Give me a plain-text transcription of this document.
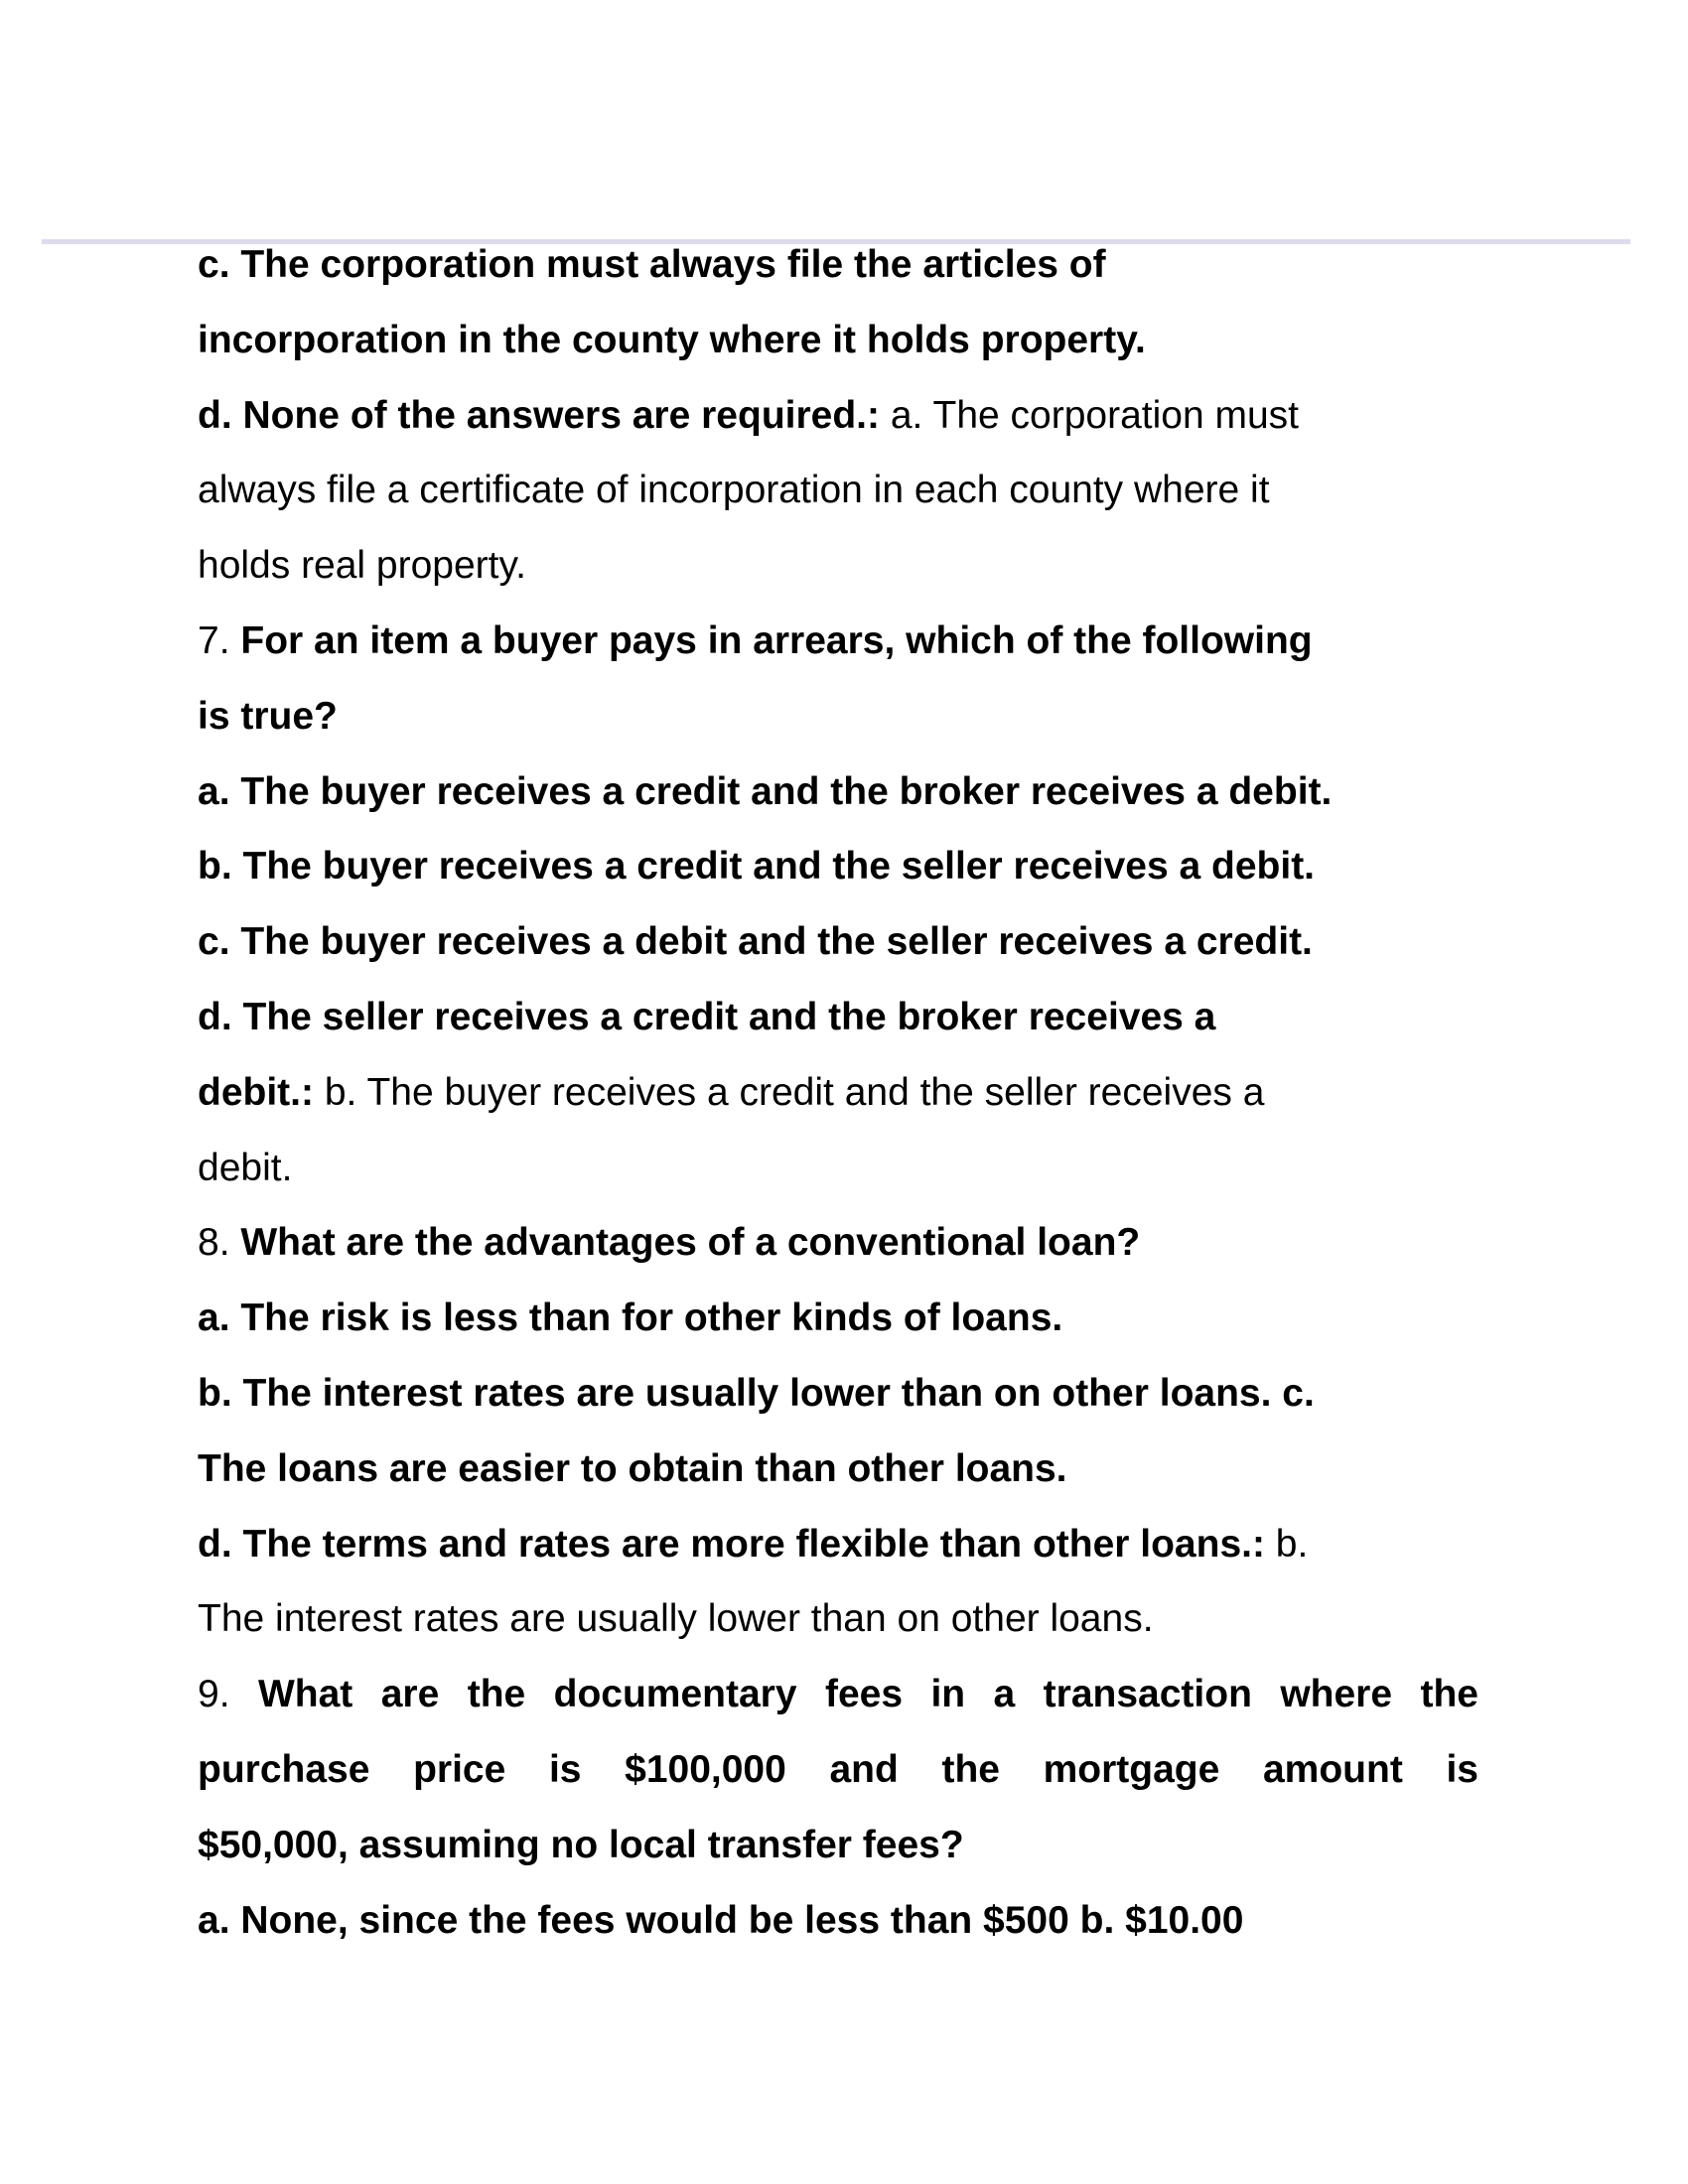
c. The corporation must always file the articles of
incorporation in the county where it holds property.
d. None of the answers are required.: a. The corporation must
always file a certificate of incorporation in each county where it
holds real property.
7. For an item a buyer pays in arrears, which of the following
is true?
a. The buyer receives a credit and the broker receives a debit.
b. The buyer receives a credit and the seller receives a debit.
c. The buyer receives a debit and the seller receives a credit.
d. The seller receives a credit and the broker receives a
debit.: b. The buyer receives a credit and the seller receives a
debit.
8. What are the advantages of a conventional loan?
a. The risk is less than for other kinds of loans.
b. The interest rates are usually lower than on other loans. c.
The loans are easier to obtain than other loans.
d. The terms and rates are more flexible than other loans.: b.
The interest rates are usually lower than on other loans.
9. What are the documentary fees in a transaction where the
purchase price is $100,000 and the mortgage amount is
$50,000, assuming no local transfer fees?
a. None, since the fees would be less than $500 b. $10.00
